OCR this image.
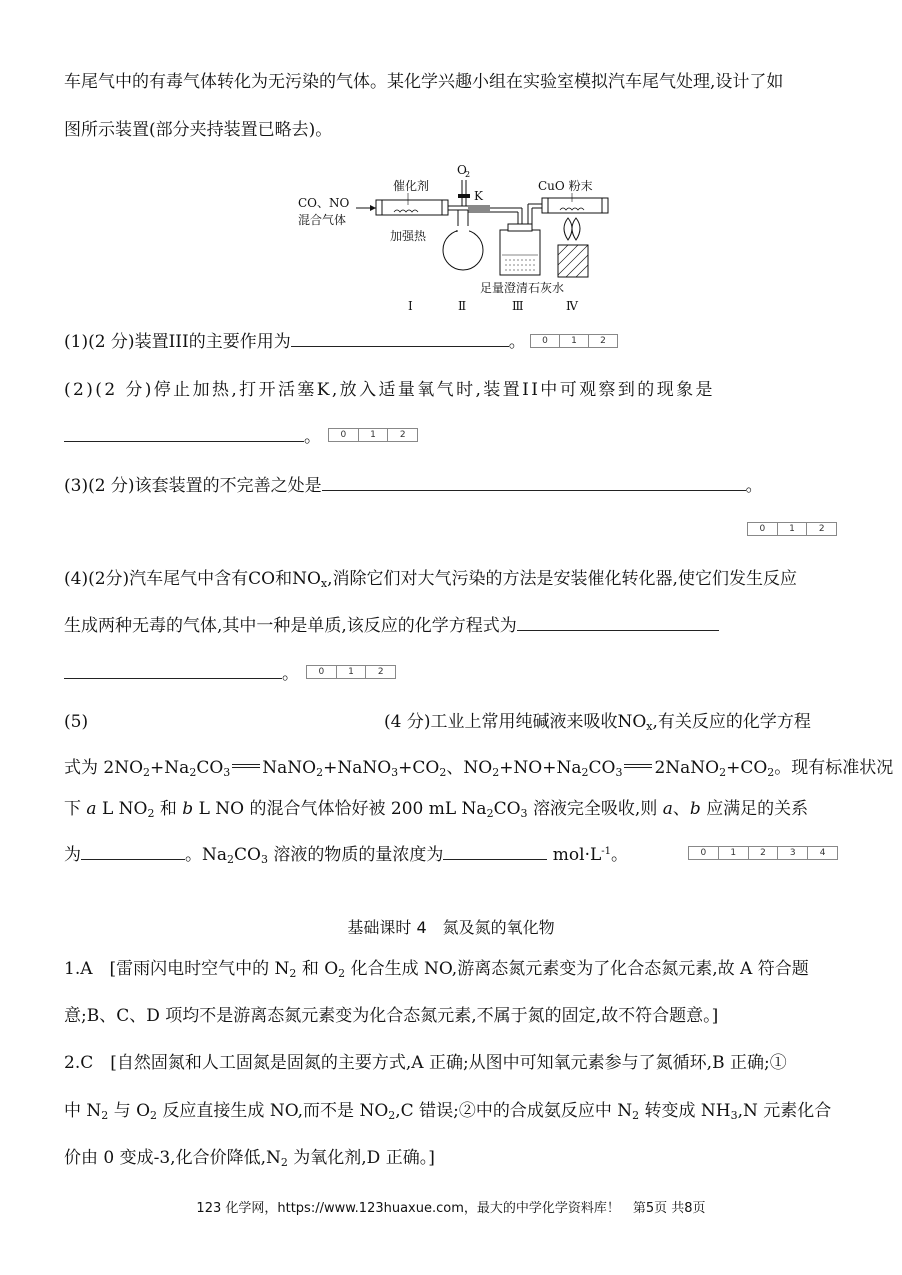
车尾气中的有毒气体转化为无污染的气体。某化学兴趣小组在实验室模拟汽车尾气处理,设计了如
图所示装置(部分夹持装置已略去)。
CO、NO
混合气体
催化剂
加强热
O
2
K
CuO 粉末
足量澄清石灰水
Ⅰ	Ⅱ	Ⅲ	Ⅳ
(1)(2 分)装置III的主要作用为	。	0	1	2
(2)(2 分)停止加热,打开活塞K,放入适量氧气时,装置II中可观察到的现象是
。	0	1	2
(3)(2 分)该套装置的不完善之处是	。
0	1	2
(4)(2分)汽车尾气中含有CO和$NO_x$,消除它们对大气污染的方法是安装催化转化器,使它们发生反应
生成两种无毒的气体,其中一种是单质,该反应的化学方程式为
。	0	1	2
(5)	(4 分)工业上常用纯碱液来吸收$NO_x$,有关反应的化学方程
式为 $2NO_2+Na_2CO_3$ $NaNO_2+NaNO_3+CO_2$、$NO_2+NO+Na_2CO_3$ $2NaNO_2+CO_2$。现有标准状况
下 a L $NO_2$ 和 b L NO 的混合气体恰好被 200 mL $Na_2CO_3$ 溶液完全吸收,则 a、b 应满足的关系
为	。$Na_2CO_3$ 溶液的物质的量浓度为	$mol\cdot L^{-1}$。	0	1	2	3	4
基础课时 4　氮及氮的氧化物
1.A　[雷雨闪电时空气中的 $N_2$ 和 $O_2$ 化合生成 NO,游离态氮元素变为了化合态氮元素,故 A 符合题
意;B、C、D 项均不是游离态氮元素变为化合态氮元素,不属于氮的固定,故不符合题意。]
2.C　[自然固氮和人工固氮是固氮的主要方式,A 正确;从图中可知氧元素参与了氮循环,B 正确;①
中 $N_2$ 与 $O_2$ 反应直接生成 NO,而不是 $NO_2,C$ 错误;②中的合成氨反应中 $N_2$ 转变成 $NH_3,N$ 元素化合
价由 0 变成-3,化合价降低$,N_2$ 为氧化剂,D 正确。]
123 化学网，https://www.123huaxue.com，最大的中学化学资料库！　第5页 共8页
